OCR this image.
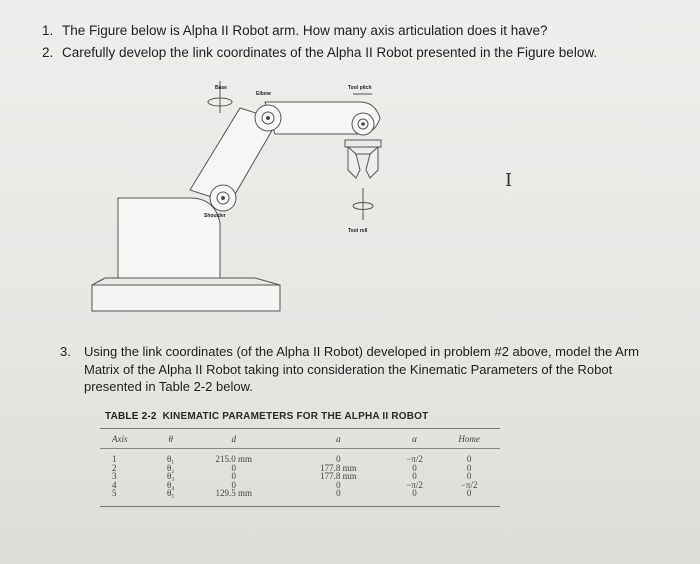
1. The Figure below is Alpha II Robot arm. How many axis articulation does it have?
2. Carefully develop the link coordinates of the Alpha II Robot presented in the Figure below.
Base
Elbow
Tool pitch
Shoulder
Tool roll
I
3.	Using the link coordinates (of the Alpha II Robot) developed in problem #2 above, model the Arm Matrix of the Alpha II Robot taking into consideration the Kinematic Parameters of the Robot presented in Table 2-2 below.
TABLE 2-2 KINEMATIC PARAMETERS FOR THE ALPHA II ROBOT
Axis	θ	d	a	α	Home
1	θ₁	215.0 mm	0	−π/2	0
2	θ₂	0	177.8 mm	0	0
3	θ₃	0	177.8 mm	0	0
4	θ₄	0	0	−π/2	−π/2
5	θ₅	129.5 mm	0	0	0
